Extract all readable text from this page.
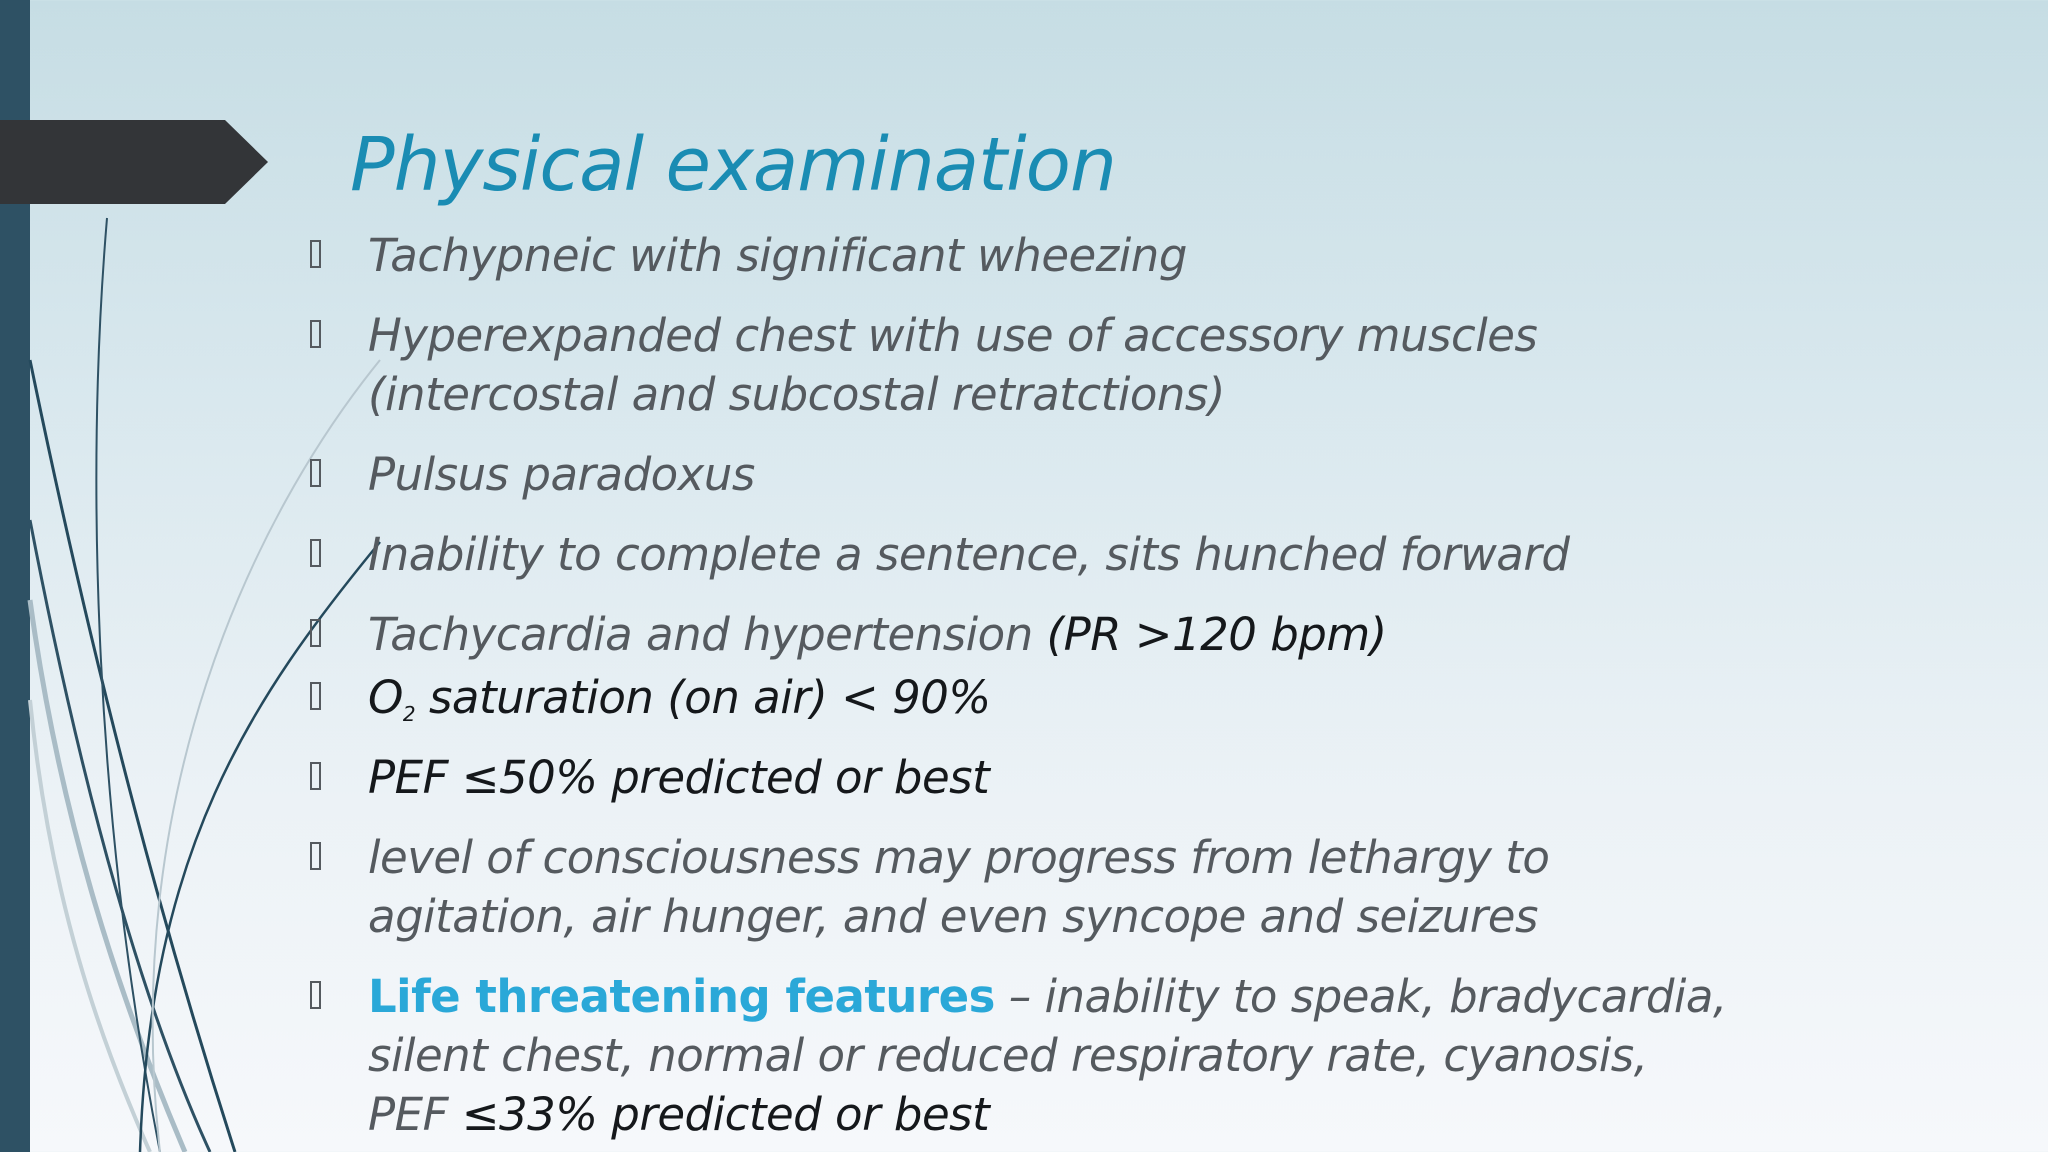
Physical examination
Tachypneic with significant wheezing
Hyperexpanded chest with use of accessory muscles (intercostal and subcostal retratctions)
Pulsus paradoxus
Inability to complete a sentence, sits hunched forward
Tachycardia and hypertension (PR >120 bpm)
$O_2$ saturation (on air) < 90%
PEF ≤50% predicted or best
level of consciousness may progress from lethargy to agitation, air hunger, and even syncope and seizures
Life threatening features – inability to speak, bradycardia, silent chest, normal or reduced respiratory rate, cyanosis, PEF ≤33% predicted or best
